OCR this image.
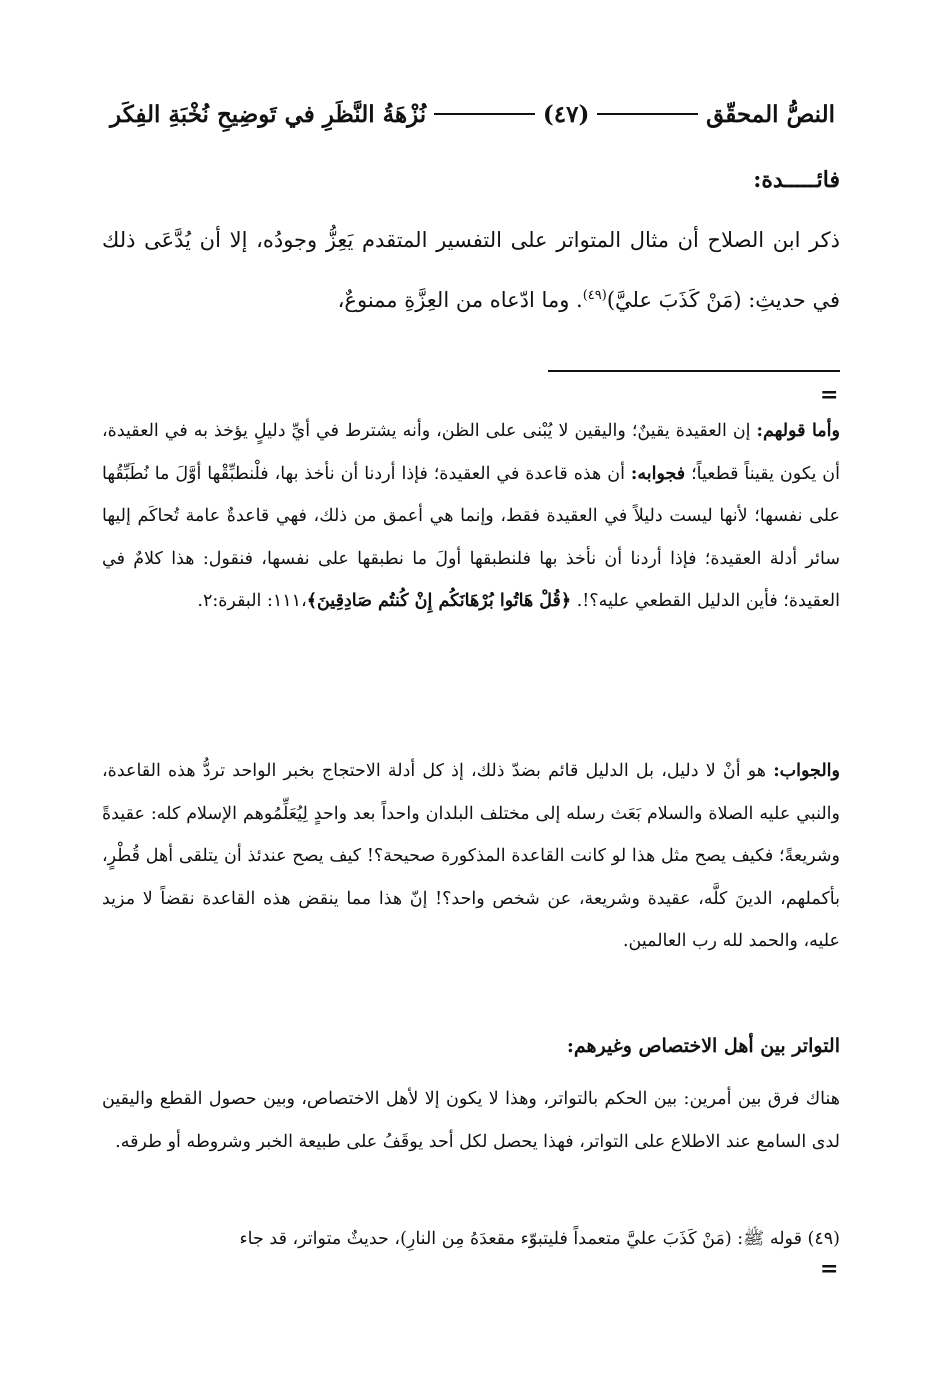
النصُّ المحقّق
(٤٧)
نُزْهَةُ النَّظَرِ في تَوضِيحِ نُخْبَةِ الفِكَر
فائـــــدة:
ذكر ابن الصلاح أن مثال المتواتر على التفسير المتقدم يَعِزُّ وجودُه، إلا أن يُدَّعَى ذلك في حديثِ: (مَنْ كَذَبَ عليَّ)$^{(٤٩)}$. وما ادّعاه من العِزَّةِ ممنوعٌ،
=
وأما قولهم: إن العقيدة يقينٌ؛ واليقين لا يُبْنى على الظن، وأنه يشترط في أيِّ دليلٍ يؤخذ به في العقيدة، أن يكون يقيناً قطعياً؛ فجوابه: أن هذه قاعدة في العقيدة؛ فإذا أردنا أن نأخذ بها، فلْنطبِّقْها أوَّلَ ما نُطَبِّقُها على نفسها؛ لأنها ليست دليلاً في العقيدة فقط، وإنما هي أعمق من ذلك، فهي قاعدةٌ عامة تُحاكَم إليها سائر أدلة العقيدة؛ فإذا أردنا أن نأخذ بها فلنطبقها أولَ ما نطبقها على نفسها، فنقول: هذا كلامٌ في العقيدة؛ فأين الدليل القطعي عليه؟!. ﴿قُلْ هَاتُوا بُرْهَانَكُم إِنْ كُنتُم صَادِقِينَ﴾،١١١: البقرة:٢.
والجواب: هو أنْ لا دليل، بل الدليل قائم بضدّ ذلك، إذ كل أدلة الاحتجاج بخبر الواحد تردُّ هذه القاعدة، والنبي عليه الصلاة والسلام بَعَث رسله إلى مختلف البلدان واحداً بعد واحدٍ لِيُعَلِّمُوهم الإسلام كله: عقيدةً وشريعةً؛ فكيف يصح مثل هذا لو كانت القاعدة المذكورة صحيحة؟! كيف يصح عندئذ أن يتلقى أهل قُطْرٍ، بأكملهم، الدينَ كلَّه، عقيدة وشريعة، عن شخص واحد؟! إنّ هذا مما ينقض هذه القاعدة نقضاً لا مزيد عليه، والحمد لله رب العالمين.
التواتر بين أهل الاختصاص وغيرهم:
هناك فرق بين أمرين: بين الحكم بالتواتر، وهذا لا يكون إلا لأهل الاختصاص، وبين حصول القطع واليقين لدى السامع عند الاطلاع على التواتر، فهذا يحصل لكل أحد يوقَفُ على طبيعة الخبر وشروطه أو طرقه.
(٤٩) قوله ﷺ: (مَنْ كَذَبَ عليَّ متعمداً فليتبوّء مقعدَهُ مِن النارِ)، حديثٌ متواتر، قد جاء
=
